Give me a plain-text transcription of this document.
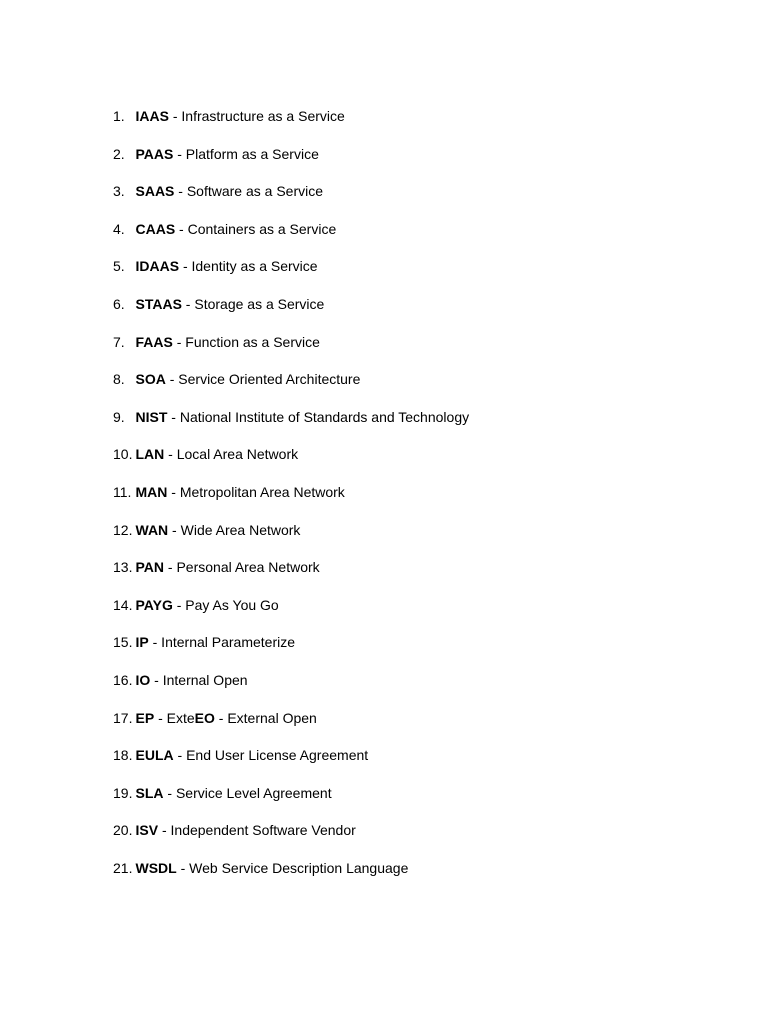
1. IAAS - Infrastructure as a Service
2. PAAS - Platform as a Service
3. SAAS - Software as a Service
4. CAAS - Containers as a Service
5. IDAAS - Identity as a Service
6. STAAS - Storage as a Service
7. FAAS - Function as a Service
8. SOA - Service Oriented Architecture
9. NIST - National Institute of Standards and Technology
10. LAN - Local Area Network
11. MAN - Metropolitan Area Network
12. WAN - Wide Area Network
13. PAN - Personal Area Network
14. PAYG - Pay As You Go
15. IP - Internal Parameterize
16. IO - Internal Open
17. EP - ExteEO - External Open
18. EULA - End User License Agreement
19. SLA - Service Level Agreement
20. ISV - Independent Software Vendor
21. WSDL - Web Service Description Language
